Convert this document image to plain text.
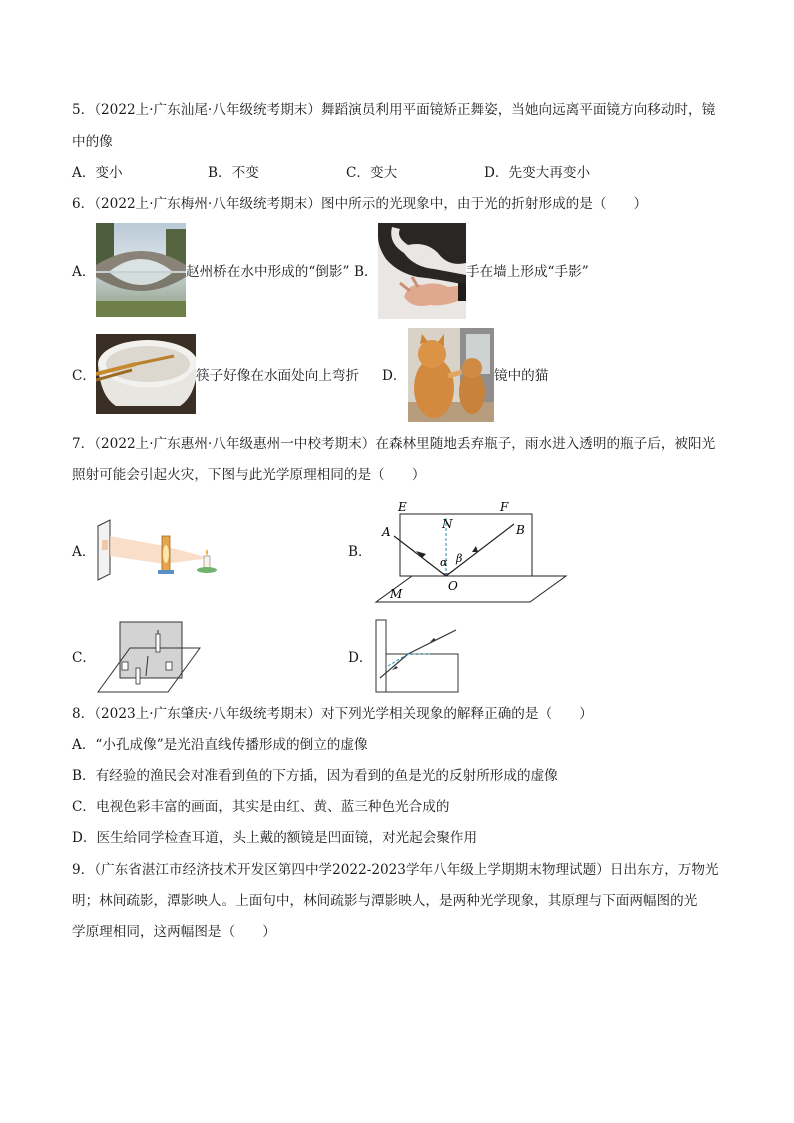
5．（2022上·广东汕尾·八年级统考期末）舞蹈演员利用平面镜矫正舞姿，当她向远离平面镜方向移动时，镜
中的像
A．变小	B．不变	C．变大	D．先变大再变小
6．（2022上·广东梅州·八年级统考期末）图中所示的光现象中，由于光的折射形成的是（　　）
A．	赵州桥在水中形成的“倒影” B．	手在墙上形成“手影”
C．	筷子好像在水面处向上弯折 D．	镜中的猫
7．（2022上·广东惠州·八年级惠州一中校考期末）在森林里随地丢弃瓶子，雨水进入透明的瓶子后，被阳光
照射可能会引起火灾，下图与此光学原理相同的是（　　）
A．	B．
E	F
N
A	B
α β
O
M
C．	D．
8．（2023上·广东肇庆·八年级统考期末）对下列光学相关现象的解释正确的是（　　）
A．“小孔成像”是光沿直线传播形成的倒立的虚像
B．有经验的渔民会对准看到鱼的下方插，因为看到的鱼是光的反射所形成的虚像
C．电视色彩丰富的画面，其实是由红、黄、蓝三种色光合成的
D．医生给同学检查耳道，头上戴的额镜是凹面镜，对光起会聚作用
9．（广东省湛江市经济技术开发区第四中学2022-2023学年八年级上学期期末物理试题）日出东方，万物光
明；林间疏影，潭影映人。上面句中，林间疏影与潭影映人，是两种光学现象，其原理与下面两幅图的光
学原理相同，这两幅图是（　　）
